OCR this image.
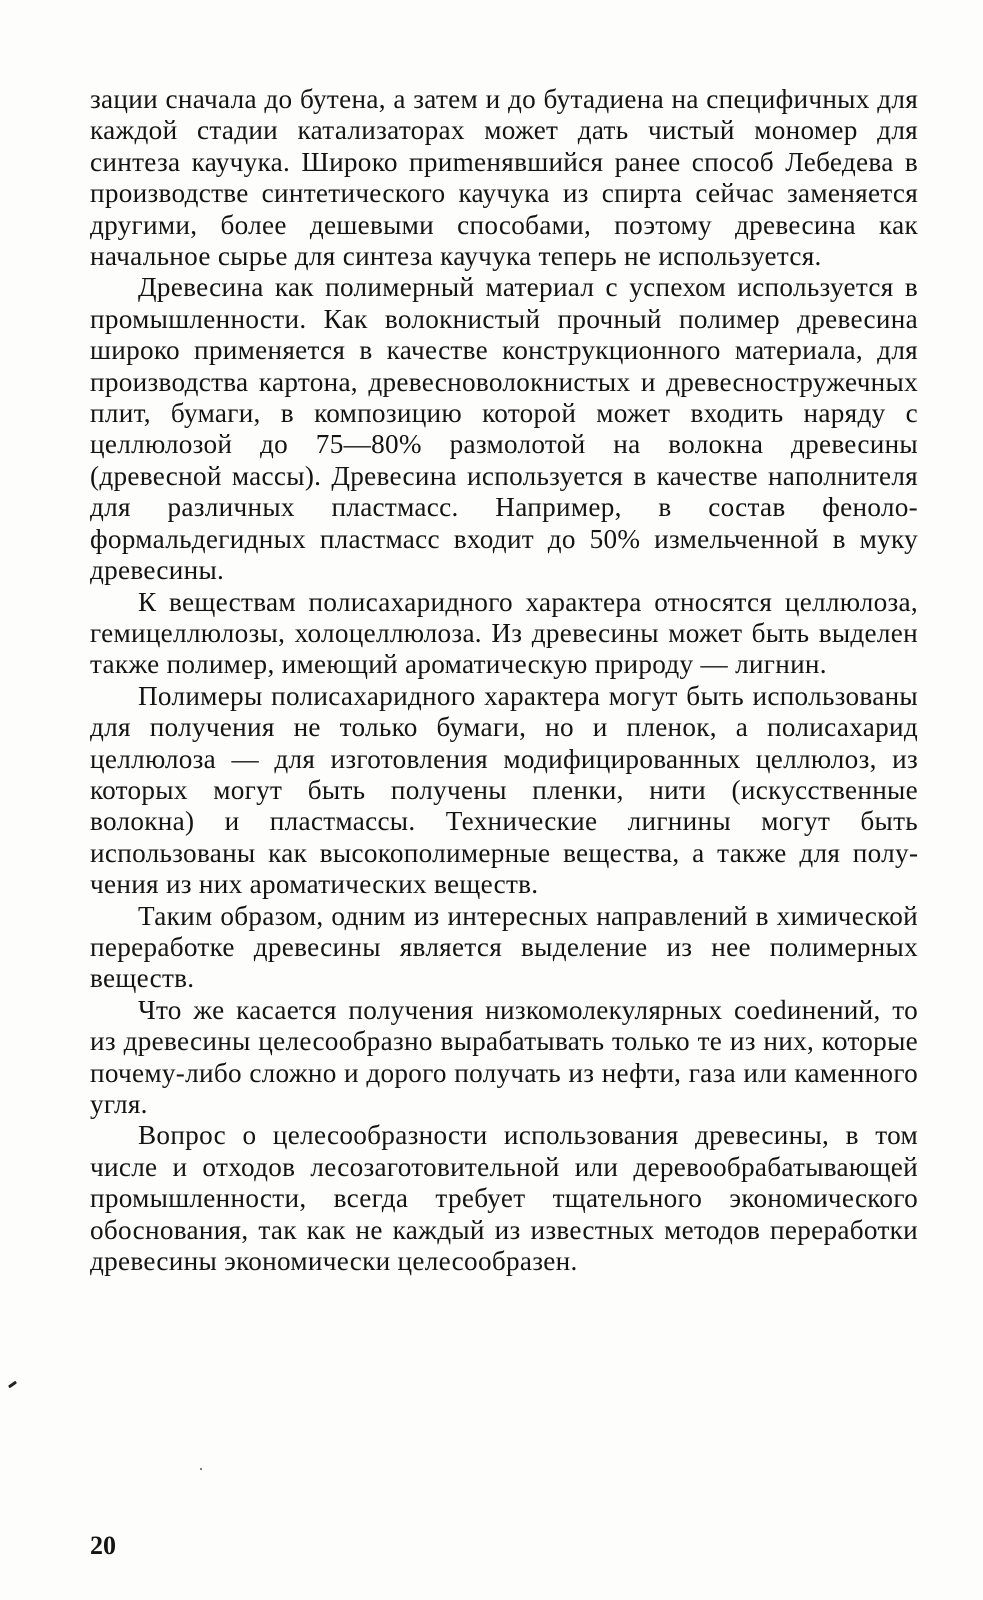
зации сначала до бутена, а затем и до бутадиена на специфичных для каждой стадии катализаторах может дать чистый мономер для синтеза каучука. Широко приmенявшийся ранее способ Лебедева в производстве синтетического каучука из спирта сейчас заменяется другими, более дешевыми способами, поэтому древесина как начальное сырье для синтеза каучука теперь не используется.

Древесина как полимерный материал с успехом используется в промышленности. Как волокнистый прочный полимер древесина широко применяется в качестве конструкционного материала, для производства картона, древесноволокнистых и древесностружечных плит, бумаги, в композицию которой может входить наряду с целлюлозой до 75—80% размолотой на волокна древесины (древесной массы). Древесина используется в качестве наполнителя для различных пластмасс. Например, в состав феноло-формальдегидных пластмасс входит до 50% измельченной в муку древесины.

К веществам полисахаридного характера относятся целлюлоза, гемицеллюлозы, холоцеллюлоза. Из древесины может быть выделен также полимер, имеющий ароматическую природу — лигнин.

Полимеры полисахаридного характера могут быть использованы для получения не только бумаги, но и пленок, а полисахарид целлюлоза — для изготовления модифицированных целлюлоз, из которых могут быть получены пленки, нити (искусственные волокна) и пластмассы. Технические лигнины могут быть использованы как высокополимерные вещества, а также для получения из них ароматических веществ.

Таким образом, одним из интересных направлений в химической переработке древесины является выделение из нее полимерных веществ.

Что же касается получения низкомолекулярных соеdинений, то из древесины целесообразно вырабатывать только те из них, которые почему-либо сложно и дорого получать из нефти, газа или каменного угля.

Вопрос о целесообразности использования древесины, в том числе и отходов лесозаготовительной или деревообрабатывающей промышленности, всегда требует тщательного экономического обоснования, так как не каждый из известных методов переработки древесины экономически целесообразен.

20
